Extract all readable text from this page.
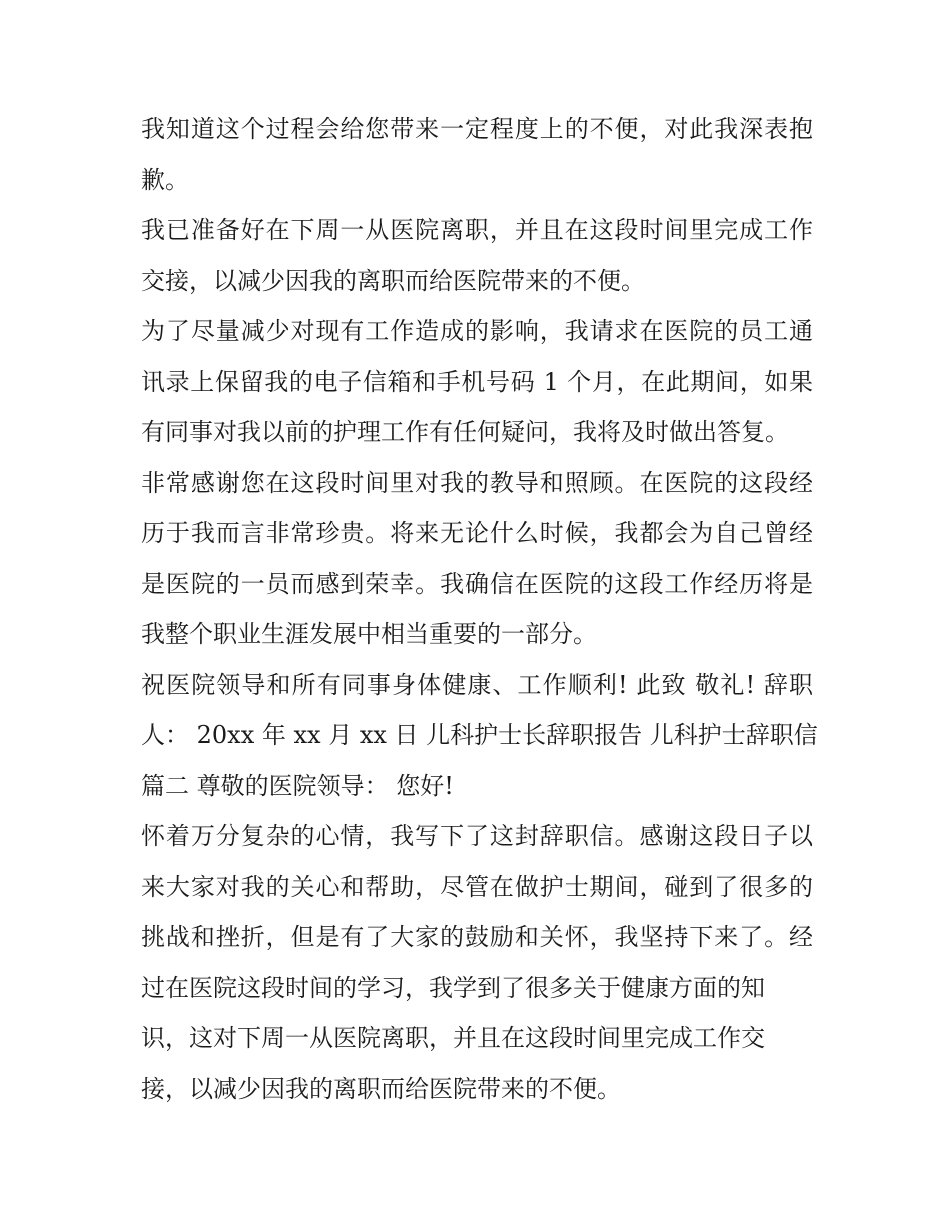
我知道这个过程会给您带来一定程度上的不便，对此我深表抱
歉。
我已准备好在下周一从医院离职，并且在这段时间里完成工作
交接，以减少因我的离职而给医院带来的不便。
为了尽量减少对现有工作造成的影响，我请求在医院的员工通
讯录上保留我的电子信箱和手机号码 1 个月，在此期间，如果
有同事对我以前的护理工作有任何疑问，我将及时做出答复。
非常感谢您在这段时间里对我的教导和照顾。在医院的这段经
历于我而言非常珍贵。将来无论什么时候，我都会为自己曾经
是医院的一员而感到荣幸。我确信在医院的这段工作经历将是
我整个职业生涯发展中相当重要的一部分。
祝医院领导和所有同事身体健康、工作顺利! 此致 敬礼! 辞职
人： 20xx 年 xx 月 xx 日 儿科护士长辞职报告 儿科护士辞职信
篇二 尊敬的医院领导： 您好!
怀着万分复杂的心情，我写下了这封辞职信。感谢这段日子以
来大家对我的关心和帮助，尽管在做护士期间，碰到了很多的
挑战和挫折，但是有了大家的鼓励和关怀，我坚持下来了。经
过在医院这段时间的学习，我学到了很多关于健康方面的知
识，这对下周一从医院离职，并且在这段时间里完成工作交
接，以减少因我的离职而给医院带来的不便。
